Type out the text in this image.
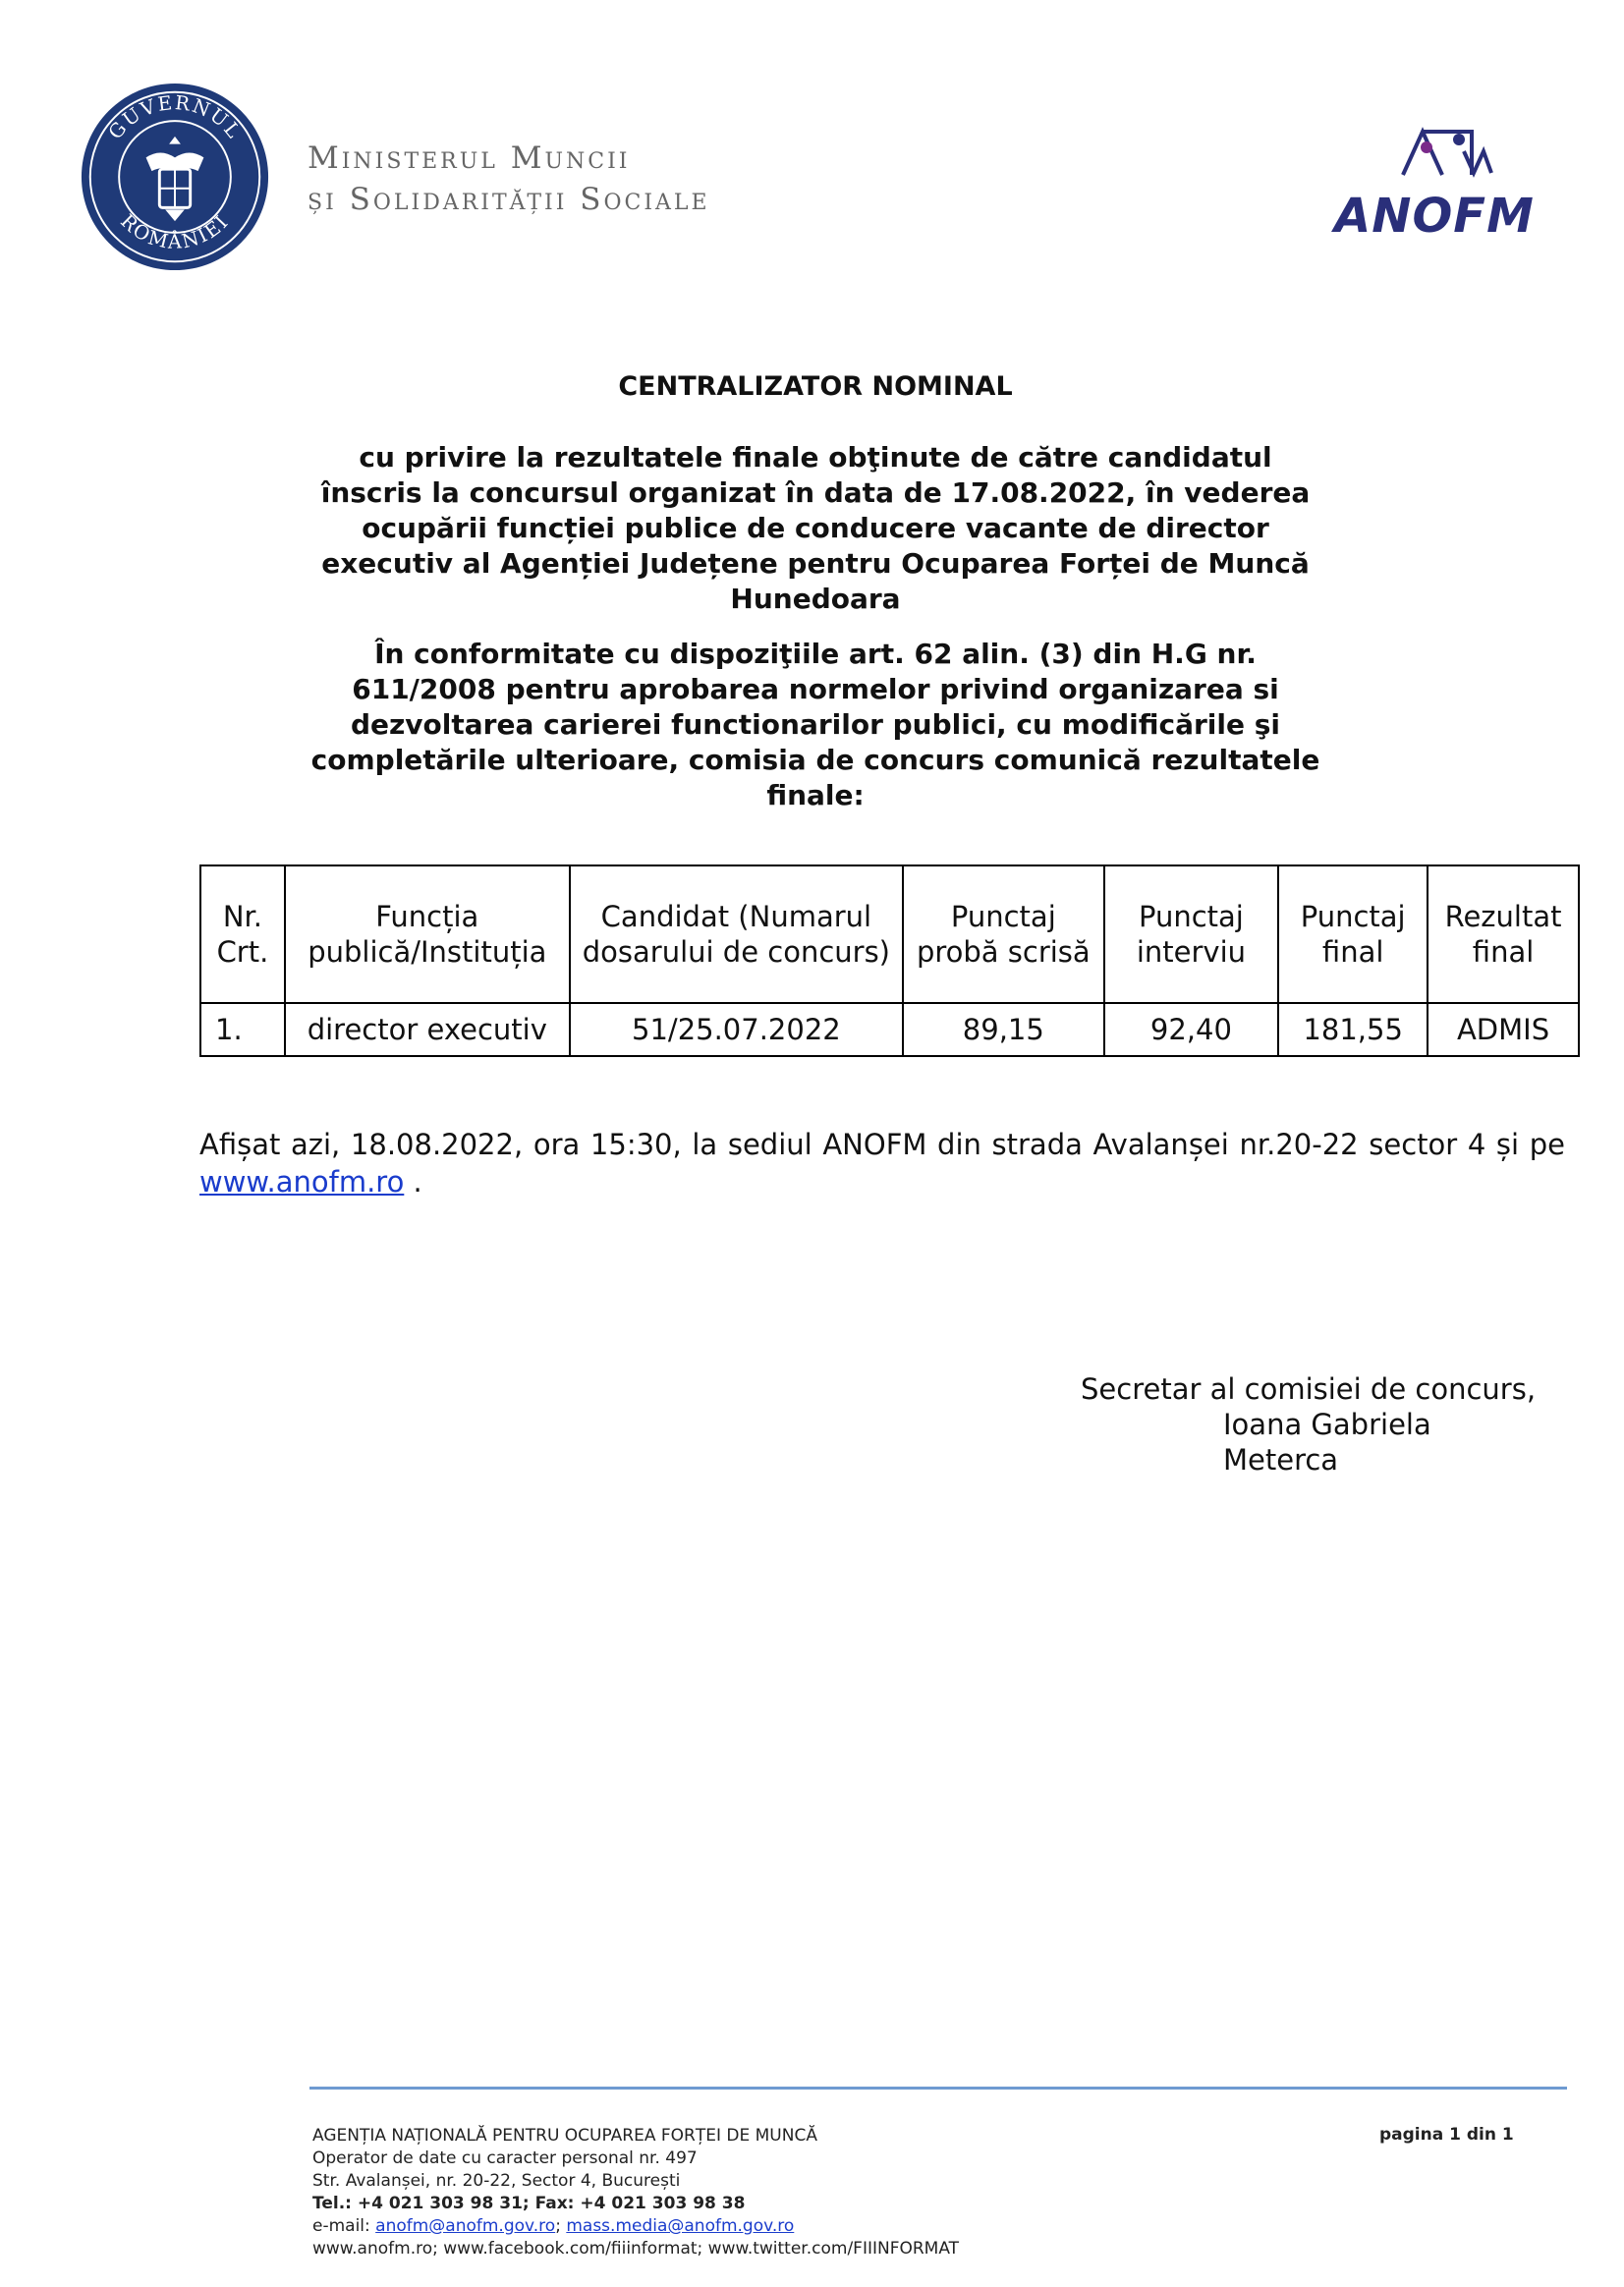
GUVERNUL
ROMÂNIEI
Ministerul Muncii
și Solidarității Sociale	ANOFM
CENTRALIZATOR NOMINAL
cu privire la rezultatele finale obţinute de către candidatul înscris la concursul organizat în data de 17.08.2022, în vederea ocupării funcției publice de conducere vacante de director executiv al Agenției Județene pentru Ocuparea Forței de Muncă Hunedoara
În conformitate cu dispoziţiile art. 62 alin. (3) din H.G nr. 611/2008 pentru aprobarea normelor privind organizarea si dezvoltarea carierei functionarilor publici, cu modificările şi completările ulterioare, comisia de concurs comunică rezultatele finale:
Nr. Crt.	Funcția publică/Instituția	Candidat (Numarul dosarului de concurs)	Punctaj probă scrisă	Punctaj interviu	Punctaj final	Rezultat final
1.	director executiv	51/25.07.2022	89,15	92,40	181,55	ADMIS
Afișat azi, 18.08.2022, ora 15:30, la sediul ANOFM din strada Avalanșei nr.20-22 sector 4 și pe www.anofm.ro .
Secretar al comisiei de concurs,
Ioana Gabriela Meterca
AGENȚIA NAȚIONALĂ PENTRU OCUPAREA FORȚEI DE MUNCĂ
Operator de date cu caracter personal nr. 497
Str. Avalanșei, nr. 20-22, Sector 4, București
Tel.: +4 021 303 98 31; Fax: +4 021 303 98 38
e-mail: anofm@anofm.gov.ro; mass.media@anofm.gov.ro
www.anofm.ro; www.facebook.com/fiiinformat; www.twitter.com/FIIINFORMAT
pagina 1 din 1
